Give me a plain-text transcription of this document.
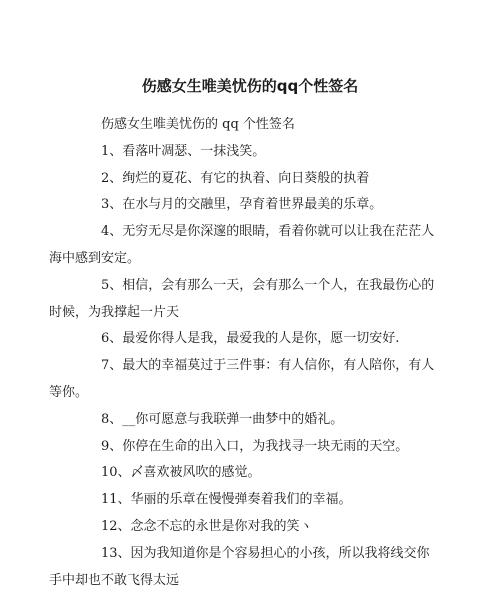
伤感女生唯美忧伤的qq个性签名
伤感女生唯美忧伤的 qq 个性签名
1、看落叶凋瑟、一抹浅笑。
2、绚烂的夏花、有它的执着、向日葵般的执着
3、在水与月的交融里，孕育着世界最美的乐章。
4、无穷无尽是你深邃的眼睛，看着你就可以让我在茫茫人
海中感到安定。
5、相信，会有那么一天，会有那么一个人，在我最伤心的
时候，为我撑起一片天
6、最爱你得人是我，最爱我的人是你，愿一切安好.
7、最大的幸福莫过于三件事：有人信你，有人陪你，有人
等你。
8、__你可愿意与我联弹一曲梦中的婚礼。
9、你停在生命的出入口，为我找寻一块无雨的天空。
10、〆喜欢被风吹的感觉。
11、华丽的乐章在慢慢弹奏着我们的幸福。
12、念念不忘的永世是你对我的笑ヽ
13、因为我知道你是个容易担心的小孩，所以我将线交你
手中却也不敢飞得太远
